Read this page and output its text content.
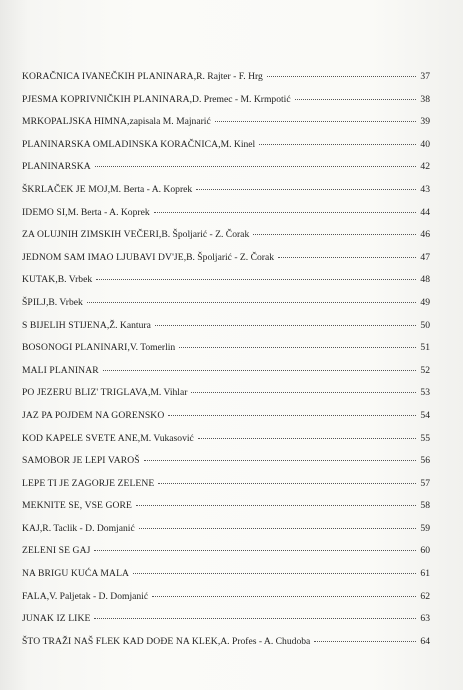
KORAČNICA IVANEČKIH PLANINARA , R. Rajter - F. Hrg	37
PJESMA KOPRIVNIČKIH PLANINARA , D. Premec - M. Krmpotić	38
MRKOPALJSKA HIMNA , zapisala M. Majnarić	39
PLANINARSKA OMLADINSKA KORAČNICA , M. Kinel	40
PLANINARSKA	42
ŠKRLAČEK JE MOJ , M. Berta - A. Koprek	43
IDEMO SI , M. Berta - A. Koprek	44
ZA OLUJNIH ZIMSKIH VEČERI , B. Špoljarić - Z. Čorak	46
JEDNOM SAM IMAO LJUBAVI DV'JE , B. Špoljarić - Z. Čorak	47
KUTAK , B. Vrbek	48
ŠPILJ , B. Vrbek	49
S BIJELIH STIJENA , Ž. Kantura	50
BOSONOGI PLANINARI , V. Tomerlin	51
MALI PLANINAR	52
PO JEZERU BLIZ' TRIGLAVA , M. Vihlar	53
JAZ PA POJDEM NA GORENSKO	54
KOD KAPELE SVETE ANE , M. Vukasović	55
SAMOBOR JE LEPI VAROŠ	56
LEPE TI JE ZAGORJE ZELENE	57
MEKNITE SE, VSE GORE	58
KAJ , R. Taclik - D. Domjanić	59
ZELENI SE GAJ	60
NA BRIGU KUĆA MALA	61
FALA , V. Paljetak - D. Domjanić	62
JUNAK IZ LIKE	63
ŠTO TRAŽI NAŠ FLEK KAD DOĐE NA KLEK , A. Profes - A. Chudoba	64
